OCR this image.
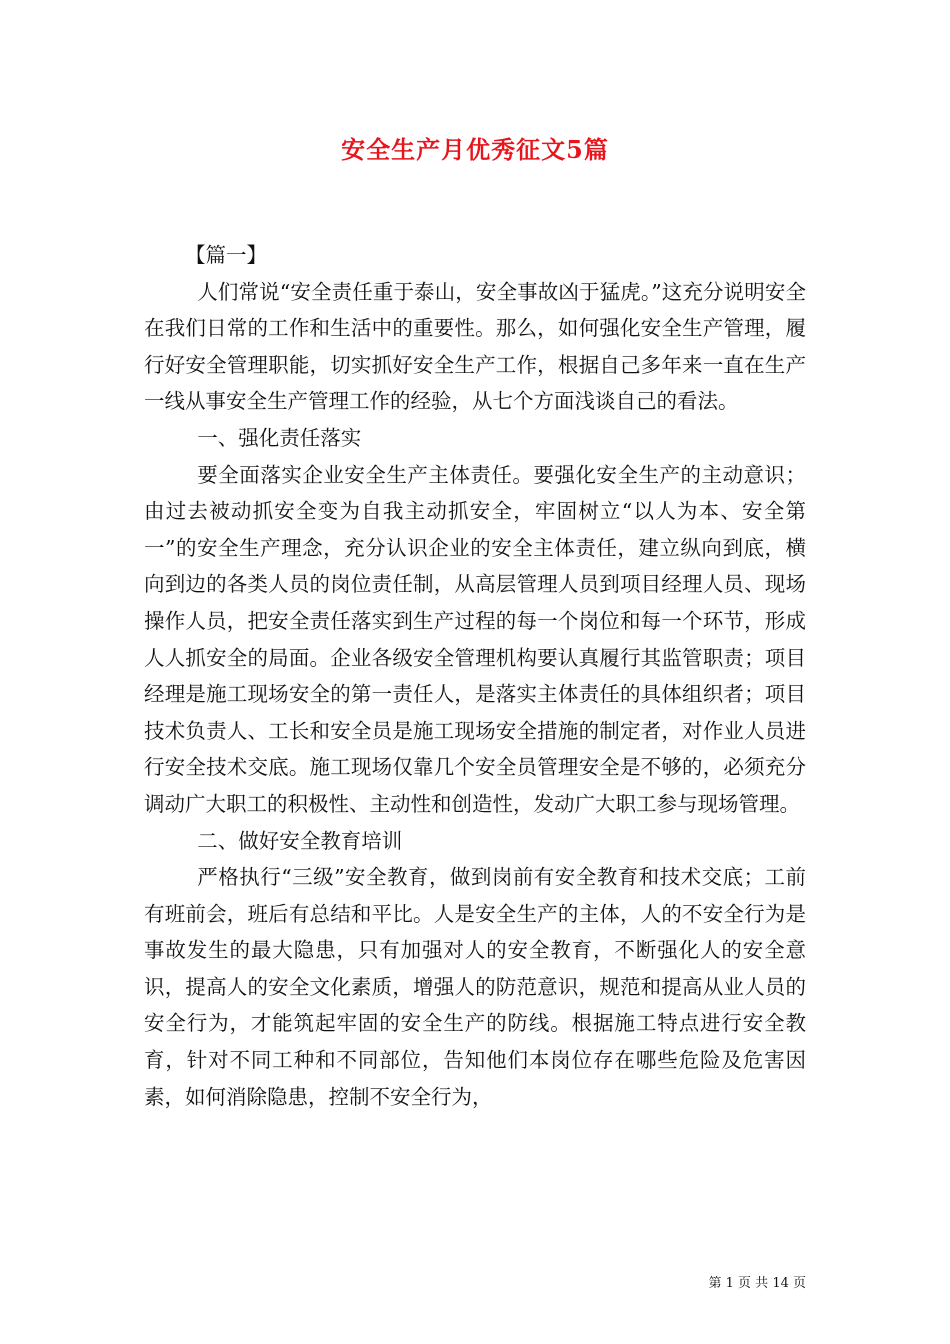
安全生产月优秀征文5篇

【篇一】

人们常说“安全责任重于泰山，安全事故凶于猛虎。”这充分说明安全在我们日常的工作和生活中的重要性。那么，如何强化安全生产管理，履行好安全管理职能，切实抓好安全生产工作，根据自己多年来一直在生产一线从事安全生产管理工作的经验，从七个方面浅谈自己的看法。

一、强化责任落实

要全面落实企业安全生产主体责任。要强化安全生产的主动意识；由过去被动抓安全变为自我主动抓安全，牢固树立“以人为本、安全第一”的安全生产理念，充分认识企业的安全主体责任，建立纵向到底，横向到边的各类人员的岗位责任制，从高层管理人员到项目经理人员、现场操作人员，把安全责任落实到生产过程的每一个岗位和每一个环节，形成人人抓安全的局面。企业各级安全管理机构要认真履行其监管职责；项目经理是施工现场安全的第一责任人，是落实主体责任的具体组织者；项目技术负责人、工长和安全员是施工现场安全措施的制定者，对作业人员进行安全技术交底。施工现场仅靠几个安全员管理安全是不够的，必须充分调动广大职工的积极性、主动性和创造性，发动广大职工参与现场管理。

二、做好安全教育培训

严格执行“三级”安全教育，做到岗前有安全教育和技术交底；工前有班前会，班后有总结和平比。人是安全生产的主体，人的不安全行为是事故发生的最大隐患，只有加强对人的安全教育，不断强化人的安全意识，提高人的安全文化素质，增强人的防范意识，规范和提高从业人员的安全行为，才能筑起牢固的安全生产的防线。根据施工特点进行安全教育，针对不同工种和不同部位，告知他们本岗位存在哪些危险及危害因素，如何消除隐患，控制不安全行为，

第 1 页 共 14 页
